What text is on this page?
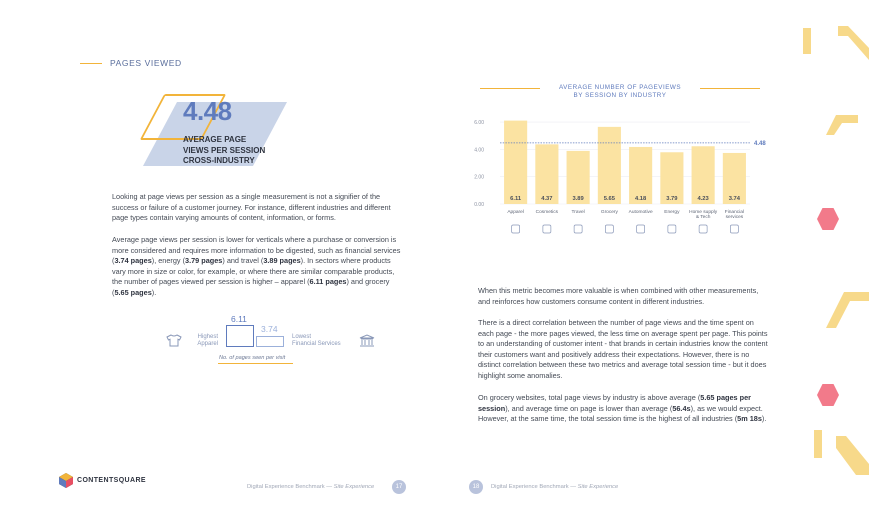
PAGES VIEWED
4.48
AVERAGE PAGE
VIEWS PER SESSION
CROSS-INDUSTRY
Looking at page views per session as a single measurement is not a signifier of the success or failure of a customer journey. For instance, different industries and different page types contain varying amounts of content, information, or forms.
Average page views per session is lower for verticals where a purchase or conversion is more considered and requires more information to be digested, such as financial services (3.74 pages), energy (3.79 pages) and travel (3.89 pages). In sectors where products vary more in size or color, for example, or where there are similar comparable products, the number of pages viewed per session is higher – apparel (6.11 pages) and grocery (5.65 pages).
Highest
Apparel
6.11
3.74
Lowest
Financial Services
No. of pages seen per visit
AVERAGE NUMBER OF PAGEVIEWS
BY SESSION BY INDUSTRY
0.00
2.00
4.00
6.00
6.11
Apparel
4.37
Cosmetics
3.89
Travel
5.65
Grocery
4.18
Automotive
3.79
Energy
4.23
Home supply
& Tech
3.74
Financial
services
4.48
When this metric becomes more valuable is when combined with other measurements, and reinforces how customers consume content in different industries.
There is a direct correlation between the number of page views and the time spent on each page - the more pages viewed, the less time on average spent per page. This points to an understanding of customer intent - that brands in certain industries know the content their customers want and positively address their expectations. However, there is no distinct correlation between these two metrics and average total session time - but it does highlight some anomalies.
On grocery websites, total page views by industry is above average (5.65 pages per session), and average time on page is lower than average (56.4s), as we would expect. However, at the same time, the total session time is the highest of all industries (5m 18s).
CONTENTSQUARE
Digital Experience Benchmark — Site Experience	17	18	Digital Experience Benchmark — Site Experience
